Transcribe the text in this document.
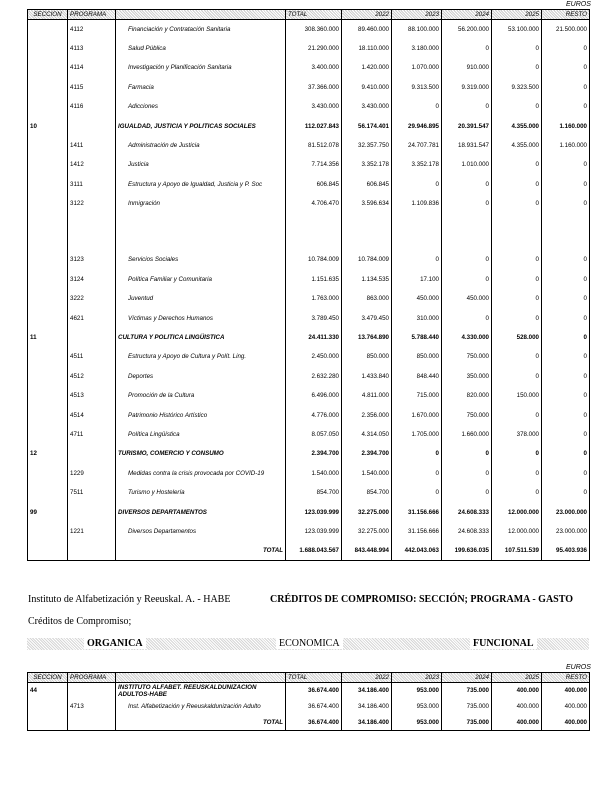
EUROS
SECCION	PROGRAMA		TOTAL	2022	2023	2024	2025	RESTO
	4112	Financiación y Contratación Sanitaria	308.360.000	89.460.000	88.100.000	56.200.000	53.100.000	21.500.000
	4113	Salud Pública	21.290.000	18.110.000	3.180.000	0	0	0
	4114	Investigación y Planificación Sanitaria	3.400.000	1.420.000	1.070.000	910.000	0	0
	4115	Farmacia	37.366.000	9.410.000	9.313.500	9.319.000	9.323.500	0
	4116	Adicciones	3.430.000	3.430.000	0	0	0	0
10		IGUALDAD, JUSTICIA Y POLITICAS SOCIALES	112.027.843	56.174.401	29.946.895	20.391.547	4.355.000	1.160.000
	1411	Administración de Justicia	81.512.078	32.357.750	24.707.781	18.931.547	4.355.000	1.160.000
	1412	Justicia	7.714.356	3.352.178	3.352.178	1.010.000	0	0
	3111	Estructura y Apoyo de Igualdad, Justicia y P. Soc	606.845	606.845	0	0	0	0
	3122	Inmigración	4.706.470	3.596.634	1.109.836	0	0	0

	3123	Servicios Sociales	10.784.009	10.784.009	0	0	0	0
	3124	Política Familiar y Comunitaria	1.151.635	1.134.535	17.100	0	0	0
	3222	Juventud	1.763.000	863.000	450.000	450.000	0	0
	4621	Víctimas y Derechos Humanos	3.789.450	3.479.450	310.000	0	0	0
11		CULTURA Y POLITICA LINGÜISTICA	24.411.330	13.764.890	5.788.440	4.330.000	528.000	0
	4511	Estructura y Apoyo de Cultura y Polít. Ling.	2.450.000	850.000	850.000	750.000	0	0
	4512	Deportes	2.632.280	1.433.840	848.440	350.000	0	0
	4513	Promoción de la Cultura	6.496.000	4.811.000	715.000	820.000	150.000	0
	4514	Patrimonio Histórico Artístico	4.776.000	2.356.000	1.670.000	750.000	0	0
	4711	Política Lingüística	8.057.050	4.314.050	1.705.000	1.660.000	378.000	0
12		TURISMO, COMERCIO Y CONSUMO	2.394.700	2.394.700	0	0	0	0
	1229	Medidas contra la crisis provocada por COVID-19	1.540.000	1.540.000	0	0	0	0
	7511	Turismo y Hostelería	854.700	854.700	0	0	0	0
99		DIVERSOS DEPARTAMENTOS	123.039.999	32.275.000	31.156.666	24.608.333	12.000.000	23.000.000
	1221	Diversos Departamentos	123.039.999	32.275.000	31.156.666	24.608.333	12.000.000	23.000.000
		TOTAL	1.688.043.567	843.448.994	442.043.063	199.636.035	107.511.539	95.403.936
Instituto de Alfabetización y Reeuskal. A. - HABE	CRÉDITOS DE COMPROMISO: SECCIÓN; PROGRAMA - GASTO
Créditos de Compromiso;
ORGANICA	ECONOMICA	FUNCIONAL
EUROS
SECCION	PROGRAMA		TOTAL	2022	2023	2024	2025	RESTO
44		INSTITUTO ALFABET. REEUSKALDUNIZACION ADULTOS-HABE	36.674.400	34.186.400	953.000	735.000	400.000	400.000
	4713	Inst. Alfabetización y Reeuskaldunización Adulto	36.674.400	34.186.400	953.000	735.000	400.000	400.000
		TOTAL	36.674.400	34.186.400	953.000	735.000	400.000	400.000
